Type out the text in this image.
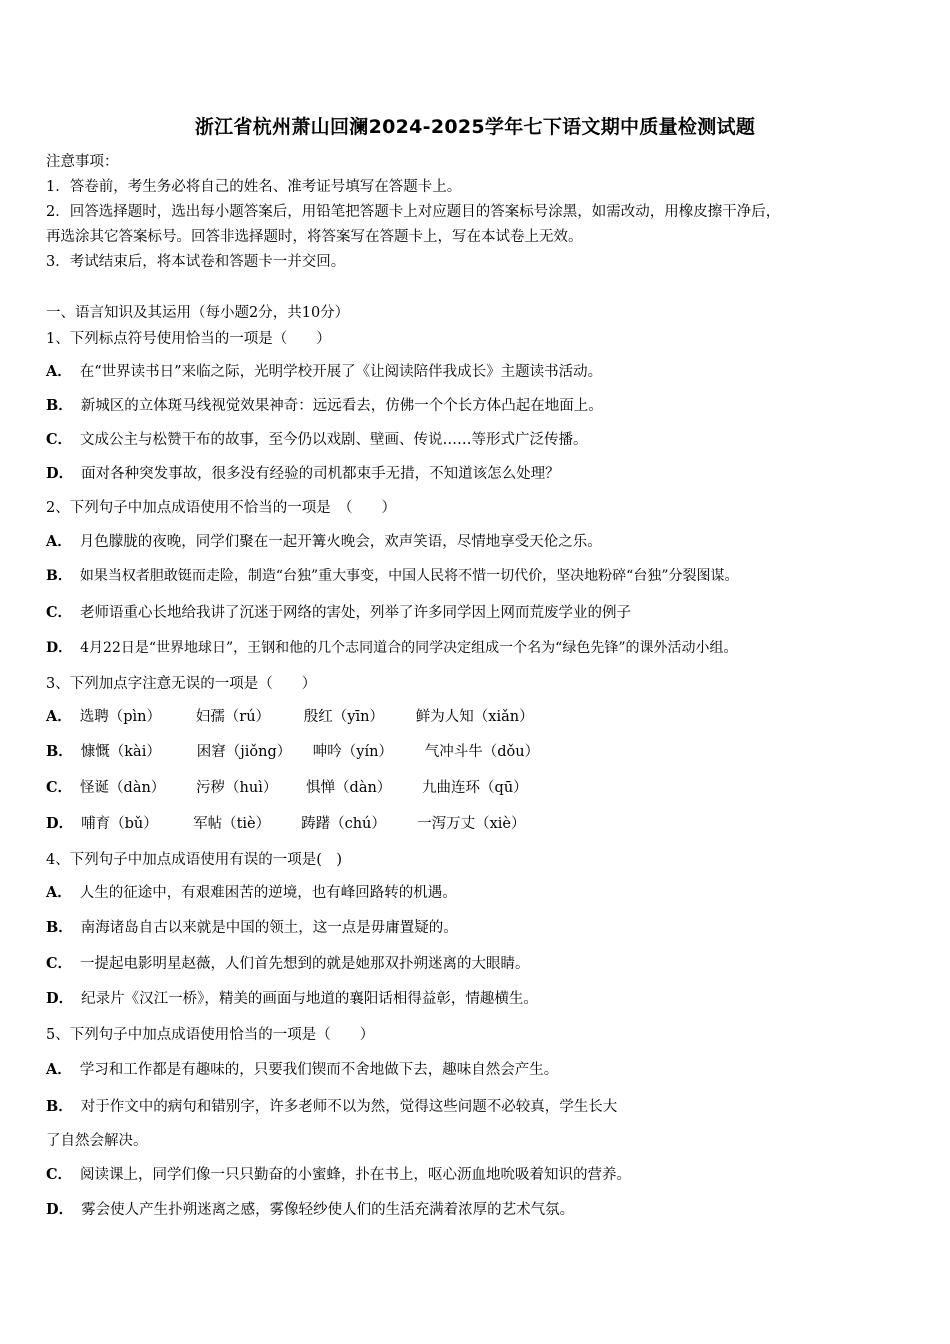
浙江省杭州萧山回澜2024-2025学年七下语文期中质量检测试题

注意事项：

1．答卷前，考生务必将自己的姓名、准考证号填写在答题卡上。

2．回答选择题时，选出每小题答案后，用铅笔把答题卡上对应题目的答案标号涂黑，如需改动，用橡皮擦干净后，

再选涂其它答案标号。回答非选择题时，将答案写在答题卡上，写在本试卷上无效。

3．考试结束后，将本试卷和答题卡一并交回。

一、语言知识及其运用（每小题2分，共10分）
1、下列标点符号使用恰当的一项是（　　）
A． 在“世界读书日”来临之际，光明学校开展了《让阅读陪伴我成长》主题读书活动。
B． 新城区的立体斑马线视觉效果神奇：远远看去，仿佛一个个长方体凸起在地面上。
C． 文成公主与松赞干布的故事，至今仍以戏剧、壁画、传说……等形式广泛传播。
D． 面对各种突发事故，很多没有经验的司机都束手无措，不知道该怎么处理？
2、下列句子中加点成语使用不恰当的一项是　（　　）
A． 月色朦胧的夜晚，同学们聚在一起开篝火晚会，欢声笑语，尽情地享受天伦之乐。
B． 如果当权者胆敢铤而走险，制造“台独”重大事变，中国人民将不惜一切代价，坚决地粉碎“台独”分裂图谋。
C． 老师语重心长地给我讲了沉迷于网络的害处，列举了许多同学因上网而荒废学业的例子
D． 4月22日是“世界地球日”，王钢和他的几个志同道合的同学决定组成一个名为“绿色先锋”的课外活动小组。
3、下列加点字注意无误的一项是（　　）
A． 选聘（pìn） 妇孺（rú） 殷红（yīn） 鲜为人知（xiǎn）
B． 慷慨（kài） 困窘（jiǒng） 呻吟（yín） 气冲斗牛（dǒu）
C． 怪诞（dàn） 污秽（huì） 惧惮（dàn） 九曲连环（qū）
D． 哺育（bǔ） 军帖（tiè） 踌躇（chú） 一泻万丈（xiè）
4、下列句子中加点成语使用有误的一项是(　)
A． 人生的征途中，有艰难困苦的逆境，也有峰回路转的机遇。
B． 南海诸岛自古以来就是中国的领土，这一点是毋庸置疑的。
C． 一提起电影明星赵薇，人们首先想到的就是她那双扑朔迷离的大眼睛。
D． 纪录片《汉江一桥》，精美的画面与地道的襄阳话相得益彰，情趣横生。
5、下列句子中加点成语使用恰当的一项是（　　）
A． 学习和工作都是有趣味的，只要我们锲而不舍地做下去，趣味自然会产生。
B． 对于作文中的病句和错别字，许多老师不以为然，觉得这些问题不必较真，学生长大
了自然会解决。
C． 阅读课上，同学们像一只只勤奋的小蜜蜂，扑在书上，呕心沥血地吮吸着知识的营养。
D． 雾会使人产生扑朔迷离之感，雾像轻纱使人们的生活充满着浓厚的艺术气氛。
